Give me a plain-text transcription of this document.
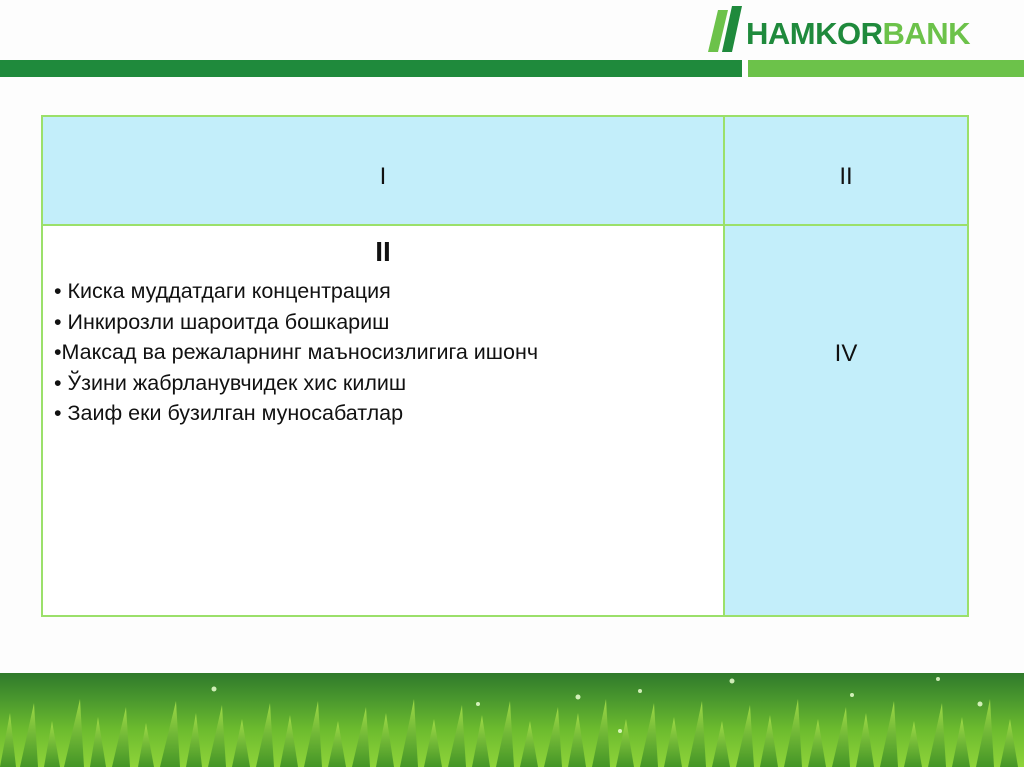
HAMKORBANK
I	II
II
• Киска муддатдаги концентрация
• Инкирозли шароитда бошкариш
•Максад ва режаларнинг маъносизлигига ишонч
• Ўзини жабрланувчидек хис килиш
• Заиф еки бузилган муносабатлар
IV
